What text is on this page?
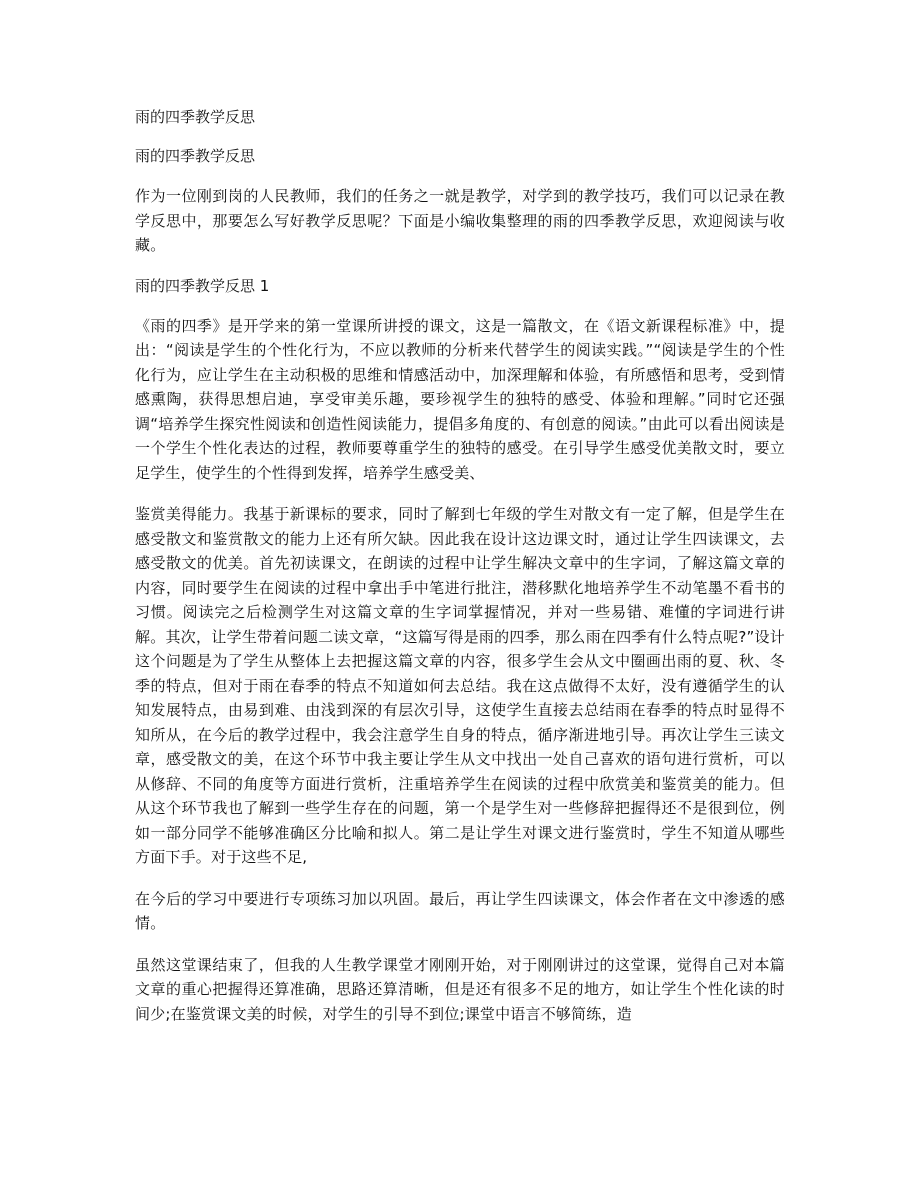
雨的四季教学反思

雨的四季教学反思

作为一位刚到岗的人民教师，我们的任务之一就是教学，对学到的教学技巧，我们可以记录在教学反思中，那要怎么写好教学反思呢？下面是小编收集整理的雨的四季教学反思，欢迎阅读与收藏。

雨的四季教学反思 1

《雨的四季》是开学来的第一堂课所讲授的课文，这是一篇散文，在《语文新课程标准》中，提出：“阅读是学生的个性化行为，不应以教师的分析来代替学生的阅读实践。”“阅读是学生的个性化行为，应让学生在主动积极的思维和情感活动中，加深理解和体验，有所感悟和思考，受到情感熏陶，获得思想启迪，享受审美乐趣，要珍视学生的独特的感受、体验和理解。”同时它还强调“培养学生探究性阅读和创造性阅读能力，提倡多角度的、有创意的阅读。”由此可以看出阅读是一个学生个性化表达的过程，教师要尊重学生的独特的感受。在引导学生感受优美散文时，要立足学生，使学生的个性得到发挥，培养学生感受美、

鉴赏美得能力。我基于新课标的要求，同时了解到七年级的学生对散文有一定了解，但是学生在感受散文和鉴赏散文的能力上还有所欠缺。因此我在设计这边课文时，通过让学生四读课文，去感受散文的优美。首先初读课文，在朗读的过程中让学生解决文章中的生字词，了解这篇文章的内容，同时要学生在阅读的过程中拿出手中笔进行批注，潜移默化地培养学生不动笔墨不看书的习惯。阅读完之后检测学生对这篇文章的生字词掌握情况，并对一些易错、难懂的字词进行讲解。其次，让学生带着问题二读文章，“这篇写得是雨的四季，那么雨在四季有什么特点呢?”设计这个问题是为了学生从整体上去把握这篇文章的内容，很多学生会从文中圈画出雨的夏、秋、冬季的特点，但对于雨在春季的特点不知道如何去总结。我在这点做得不太好，没有遵循学生的认知发展特点，由易到难、由浅到深的有层次引导，这使学生直接去总结雨在春季的特点时显得不知所从，在今后的教学过程中，我会注意学生自身的特点，循序渐进地引导。再次让学生三读文章，感受散文的美，在这个环节中我主要让学生从文中找出一处自己喜欢的语句进行赏析，可以从修辞、不同的角度等方面进行赏析，注重培养学生在阅读的过程中欣赏美和鉴赏美的能力。但从这个环节我也了解到一些学生存在的问题，第一个是学生对一些修辞把握得还不是很到位，例如一部分同学不能够准确区分比喻和拟人。第二是让学生对课文进行鉴赏时，学生不知道从哪些方面下手。对于这些不足,

在今后的学习中要进行专项练习加以巩固。最后，再让学生四读课文，体会作者在文中渗透的感情。

虽然这堂课结束了，但我的人生教学课堂才刚刚开始，对于刚刚讲过的这堂课，觉得自己对本篇文章的重心把握得还算准确，思路还算清晰，但是还有很多不足的地方，如让学生个性化读的时间少;在鉴赏课文美的时候，对学生的引导不到位;课堂中语言不够简练，造
